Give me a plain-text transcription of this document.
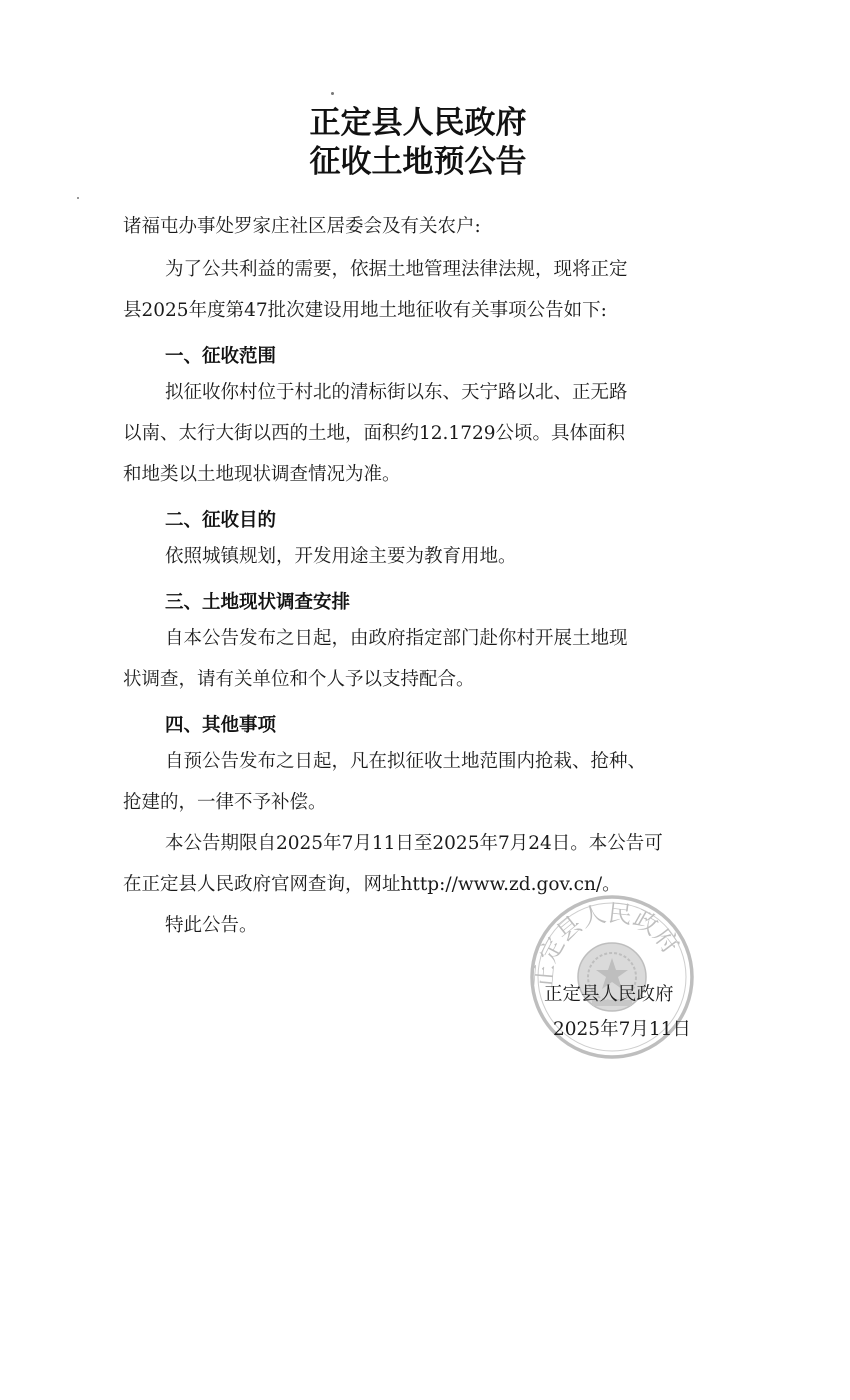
正定县人民政府
征收土地预公告
诸福屯办事处罗家庄社区居委会及有关农户:
为了公共利益的需要，依据土地管理法律法规，现将正定
县2025年度第47批次建设用地土地征收有关事项公告如下:
一、征收范围
拟征收你村位于村北的清标街以东、天宁路以北、正无路
以南、太行大街以西的土地，面积约12.1729公顷。具体面积
和地类以土地现状调查情况为准。
二、征收目的
依照城镇规划，开发用途主要为教育用地。
三、土地现状调查安排
自本公告发布之日起，由政府指定部门赴你村开展土地现
状调查，请有关单位和个人予以支持配合。
四、其他事项
自预公告发布之日起，凡在拟征收土地范围内抢栽、抢种、
抢建的，一律不予补偿。
本公告期限自2025年7月11日至2025年7月24日。本公告可
在正定县人民政府官网查询，网址http://www.zd.gov.cn/。
特此公告。
正定县人民政府
正定县人民政府
2025年7月11日
